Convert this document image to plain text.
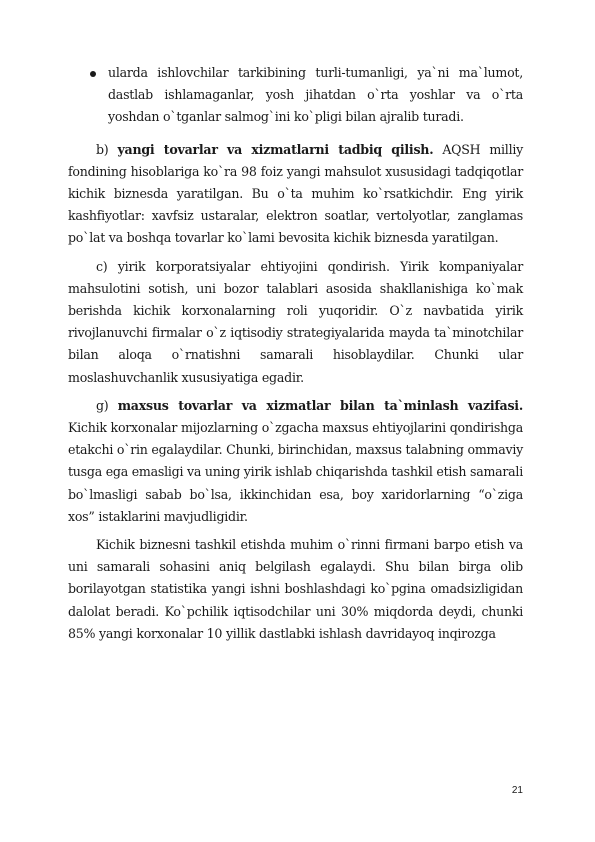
ularda ishlovchilar tarkibining turli-tumanligi, ya`ni ma`lumot, dastlab ishlamaganlar, yosh jihatdan o`rta yoshlar va o`rta yoshdan o`tganlar salmog`ini ko`pligi bilan ajralib turadi.

b) yangi tovarlar va xizmatlarni tadbiq qilish. AQSH milliy fondining hisoblariga ko`ra 98 foiz yangi mahsulot xususidagi tadqiqotlar kichik biznesda yaratilgan. Bu o`ta muhim ko`rsatkichdir. Eng yirik kashfiyotlar: xavfsiz ustaralar, elektron soatlar, vertolyotlar, zanglamas po`lat va boshqa tovarlar ko`lami bevosita kichik biznesda yaratilgan.

c) yirik korporatsiyalar ehtiyojini qondirish. Yirik kompaniyalar mahsulotini sotish, uni bozor talablari asosida shakllanishiga ko`mak berishda kichik korxonalarning roli yuqoridir. O`z navbatida yirik rivojlanuvchi firmalar o`z iqtisodiy strategiyalarida mayda ta`minotchilar bilan aloqa o`rnatishni samarali hisoblaydilar. Chunki ular moslashuvchanlik xususiyatiga egadir.

g) maxsus tovarlar va xizmatlar bilan ta`minlash vazifasi. Kichik korxonalar mijozlarning o`zgacha maxsus ehtiyojlarini qondirishga etakchi o`rin egalaydilar. Chunki, birinchidan, maxsus talabning ommaviy tusga ega emasligi va uning yirik ishlab chiqarishda tashkil etish samarali bo`lmasligi sabab bo`lsa, ikkinchidan esa, boy xaridorlarning “o`ziga xos” istaklarini mavjudligidir.

Kichik biznesni tashkil etishda muhim o`rinni firmani barpo etish va uni samarali sohasini aniq belgilash egalaydi. Shu bilan birga olib borilayotgan statistika yangi ishni boshlashdagi ko`pgina omadsizligidan dalolat beradi. Ko`pchilik iqtisodchilar uni 30% miqdorda deydi, chunki 85% yangi korxonalar 10 yillik dastlabki ishlash davridayoq inqirozga

21
